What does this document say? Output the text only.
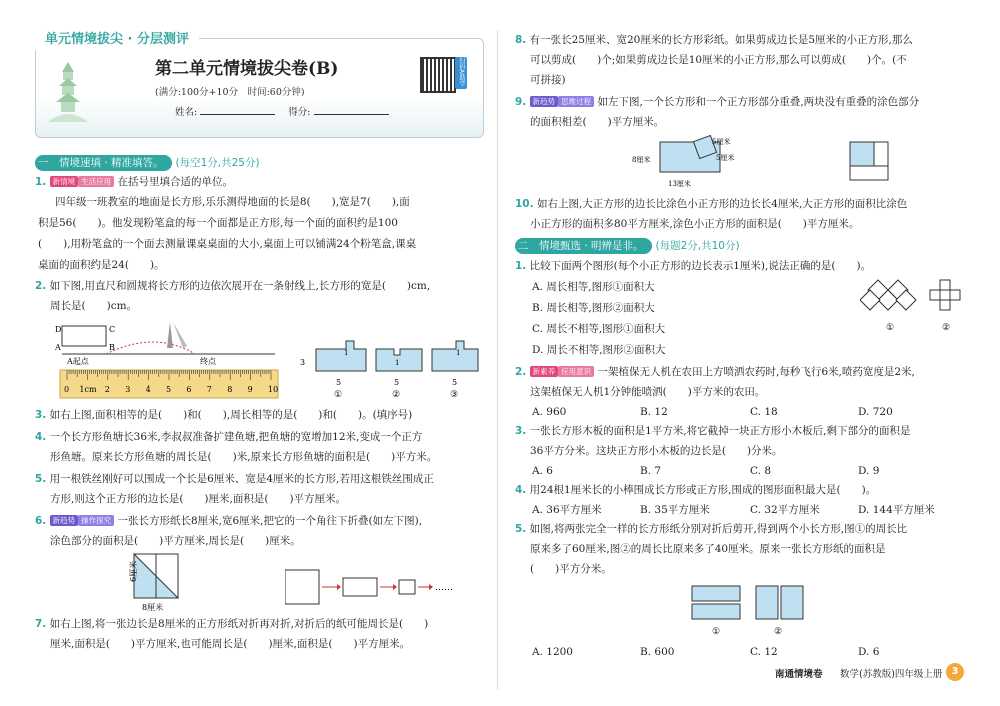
单元情境拔尖 · 分层测评
第二单元情境拔尖卷(B)
(满分:100分+10分　时间:60分钟)
姓名:	得分:
扫码AI助学
一 情境速填 · 精准填答。 (每空1分,共25分)
1. 新情境 生活应用 在括号里填合适的单位。
四年级一班教室的地面是长方形,乐乐测得地面的长是8(　　),宽是7(　　),面
积是56(　　)。他发现粉笔盒的每一个面都是正方形,每一个面的面积约是100
(　　),用粉笔盒的一个面去测量课桌桌面的大小,桌面上可以铺满24个粉笔盒,课桌
桌面的面积约是24(　　)。
2. 如下图,用直尺和圆规将长方形的边依次展开在一条射线上,长方形的宽是(　　)cm,
周长是(　　)cm。
D	C
A	B
A起点	终点
0 1cm 2 3 4 5 6 7 8 9 10
3
5	5	5
1
1
1
①	②	③
3. 如右上图,面积相等的是(　　)和(　　),周长相等的是(　　)和(　　)。(填序号)
4. 一个长方形鱼塘长36米,李叔叔准备扩建鱼塘,把鱼塘的宽增加12米,变成一个正方
形鱼塘。原来长方形鱼塘的周长是(　　)米,原来长方形鱼塘的面积是(　　)平方米。
5. 用一根铁丝刚好可以围成一个长是6厘米、宽是4厘米的长方形,若用这根铁丝围成正
方形,则这个正方形的边长是(　　)厘米,面积是(　　)平方厘米。
6. 新趋势 操作探究 一张长方形纸长8厘米,宽6厘米,把它的一个角往下折叠(如左下图),
涂色部分的面积是(　　)平方厘米,周长是(　　)厘米。
6厘米
8厘米
……
7. 如右上图,将一张边长是8厘米的正方形纸对折再对折,对折后的纸可能周长是(　　)
厘米,面积是(　　)平方厘米,也可能周长是(　　)厘米,面积是(　　)平方厘米。
8. 有一张长25厘米、宽20厘米的长方形彩纸。如果剪成边长是5厘米的小正方形,那么
可以剪成(　　)个;如果剪成边长是10厘米的小正方形,那么可以剪成(　　)个。(不
可拼接)
9. 新趋势 思维过程 如左下图,一个长方形和一个正方形部分重叠,两块没有重叠的涂色部分
的面积相差(　　)平方厘米。
5厘米
5厘米
8厘米
13厘米
10. 如右上图,大正方形的边长比涂色小正方形的边长长4厘米,大正方形的面积比涂色
小正方形的面积多80平方厘米,涂色小正方形的面积是(　　)平方厘米。
二 情境甄选 · 明辨是非。 (每题2分,共10分)
1. 比较下面两个图形(每个小正方形的边长表示1厘米),说法正确的是(　　)。
A. 周长相等,图形①面积大
B. 周长相等,图形②面积大
C. 周长不相等,图形①面积大
D. 周长不相等,图形②面积大
①	②
2. 新素养 应用意识 一架植保无人机在农田上方喷洒农药时,每秒飞行6米,喷药宽度是2米,
这架植保无人机1分钟能喷洒(　　)平方米的农田。
A. 960	B. 12	C. 18	D. 720
3. 一张长方形木板的面积是1平方米,将它截掉一块正方形小木板后,剩下部分的面积是
36平方分米。这块正方形小木板的边长是(　　)分米。
A. 6	B. 7	C. 8	D. 9
4. 用24根1厘米长的小棒围成长方形或正方形,围成的图形面积最大是(　　)。
A. 36平方厘米	B. 35平方厘米	C. 32平方厘米	D. 144平方厘米
5. 如图,将两张完全一样的长方形纸分别对折后剪开,得到两个小长方形,图①的周长比
原来多了60厘米,图②的周长比原来多了40厘米。原来一张长方形纸的面积是
(　　)平方分米。
①	②
A. 1200	B. 600	C. 12	D. 6
南通情境卷 数学(苏教版)四年级上册 3
